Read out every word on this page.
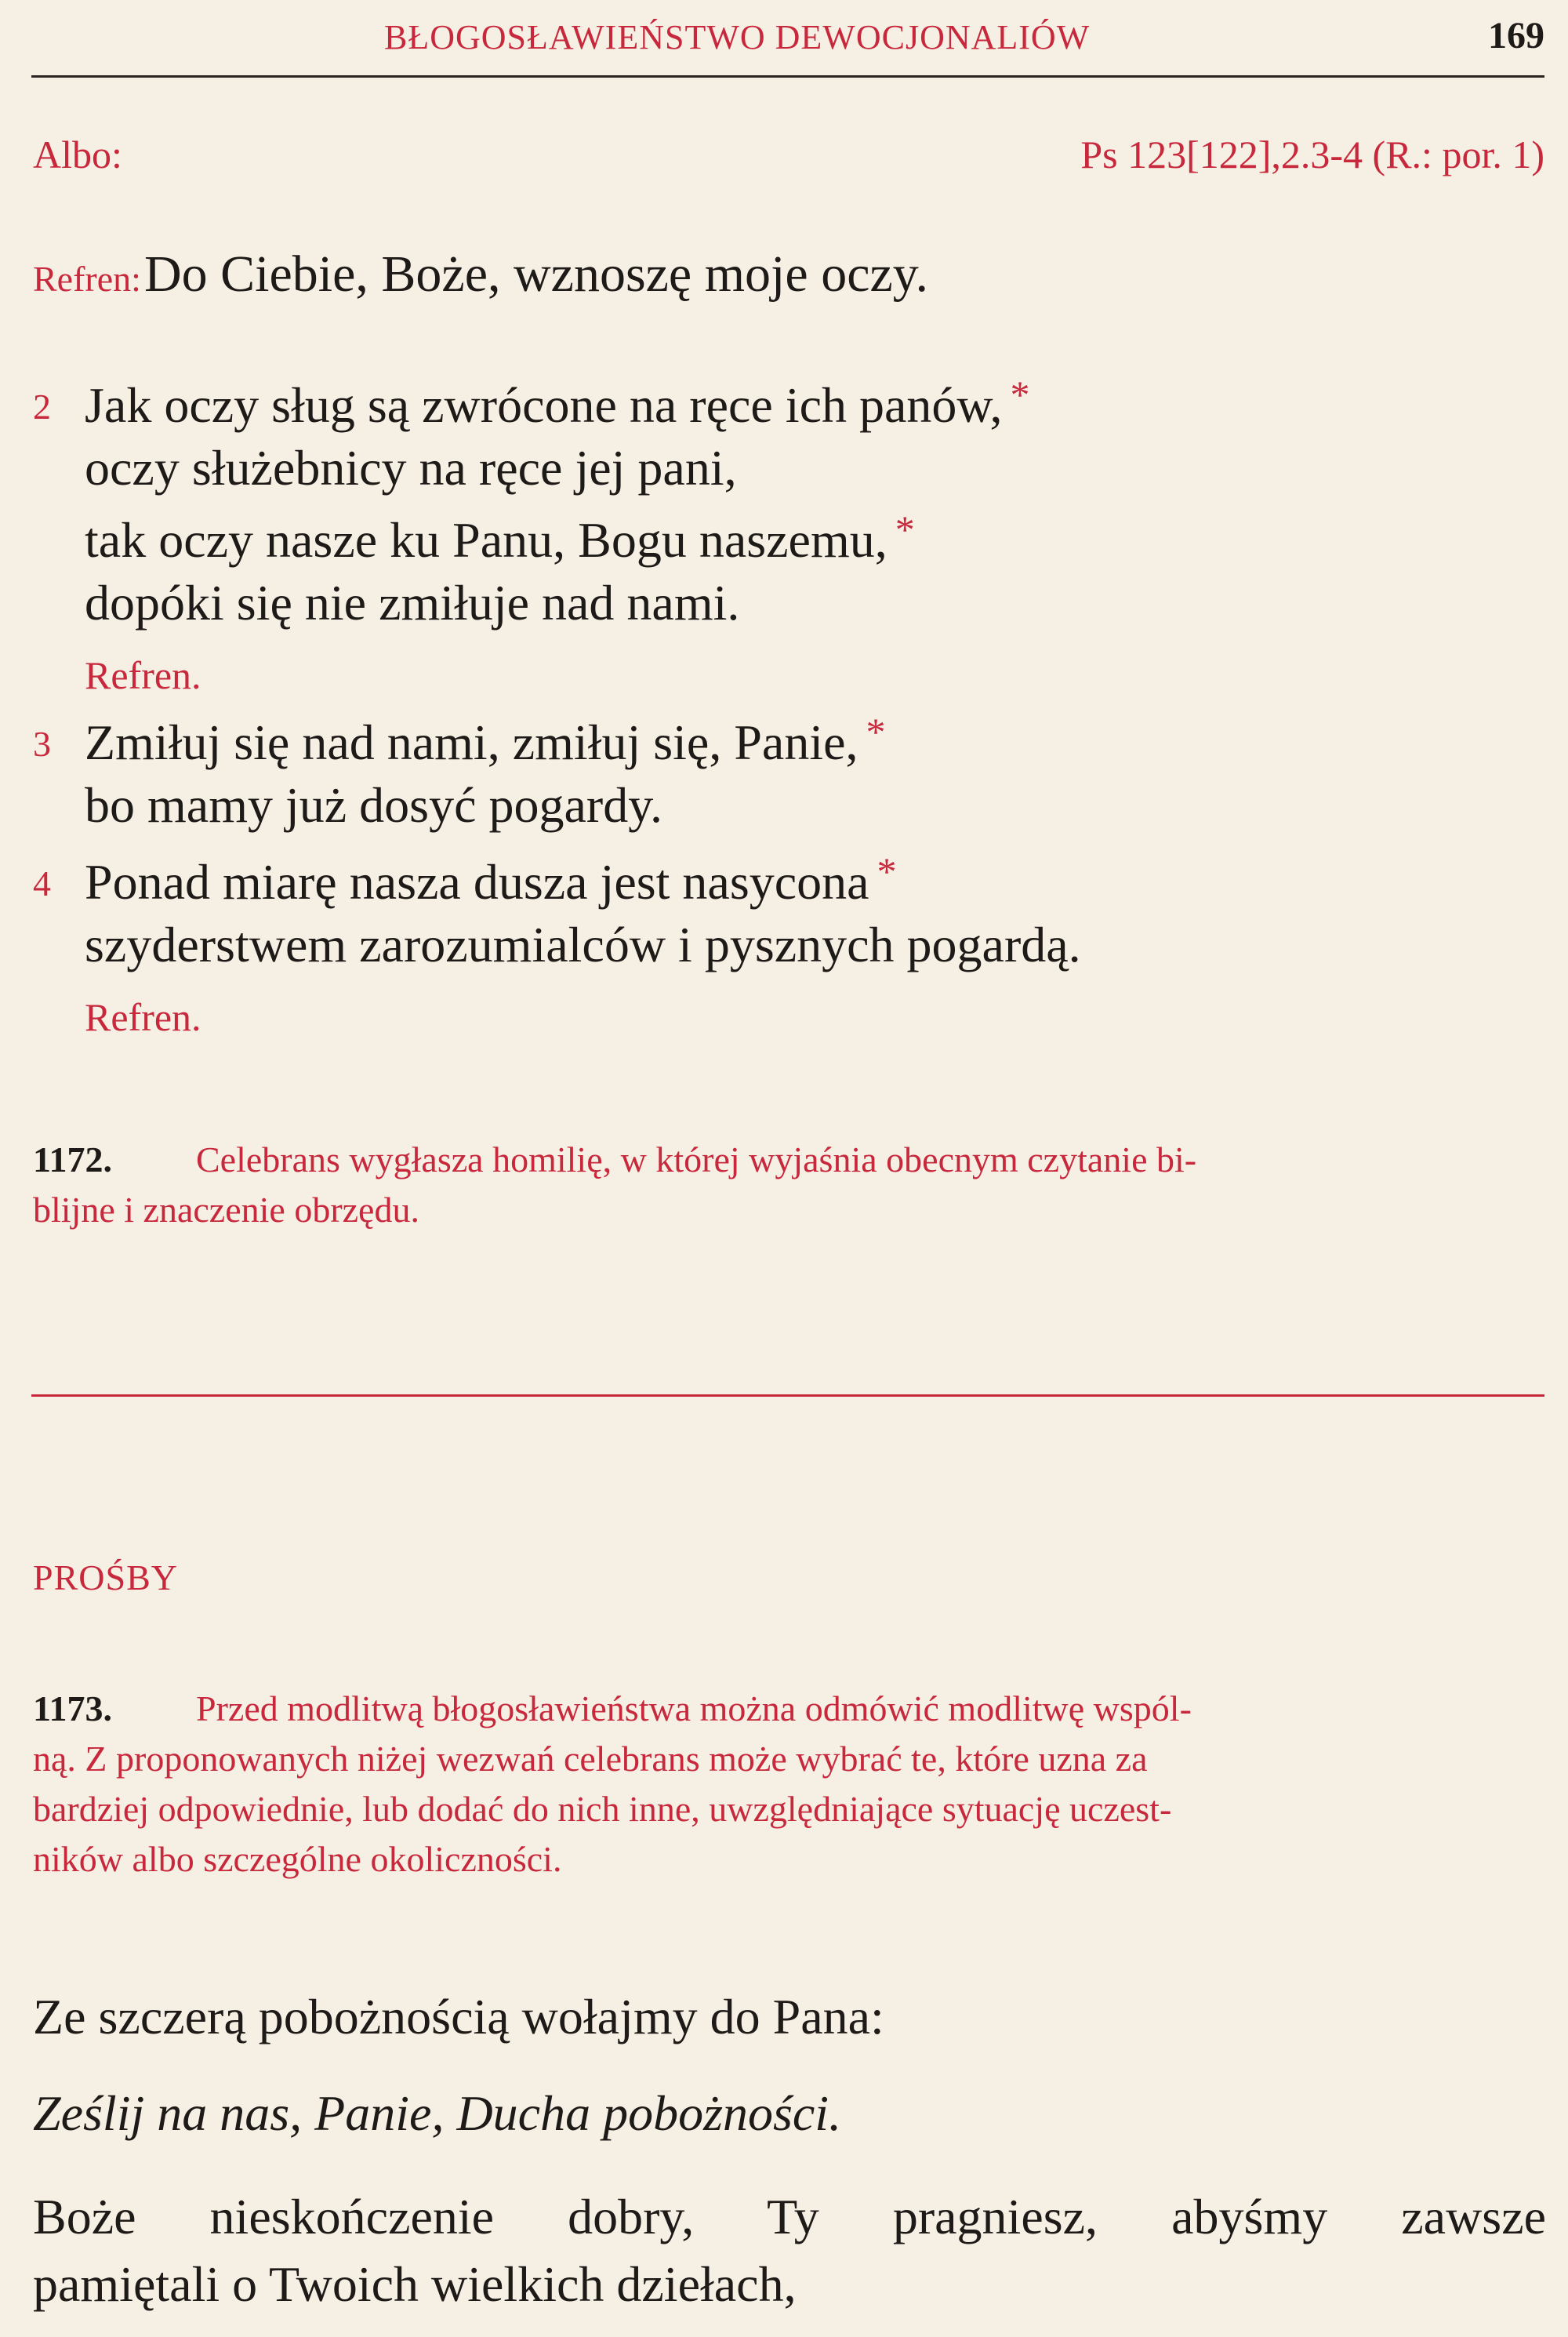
BŁOGOSŁAWIEŃSTWO DEWOCJONALIÓW	169
Albo:	Ps 123[122],2.3-4 (R.: por. 1)
Refren: Do Ciebie, Boże, wznoszę moje oczy.
2 Jak oczy sług są zwrócone na ręce ich panów, *
oczy służebnicy na ręce jej pani,
tak oczy nasze ku Panu, Bogu naszemu, *
dopóki się nie zmiłuje nad nami.
Refren.
3 Zmiłuj się nad nami, zmiłuj się, Panie, *
bo mamy już dosyć pogardy.
4 Ponad miarę nasza dusza jest nasycona *
szyderstwem zarozumialców i pysznych pogardą.
Refren.
1172. Celebrans wygłasza homilię, w której wyjaśnia obecnym czytanie bi-
blijne i znaczenie obrzędu.
PROŚBY
1173. Przed modlitwą błogosławieństwa można odmówić modlitwę wspól-
ną. Z proponowanych niżej wezwań celebrans może wybrać te, które uzna za
bardziej odpowiednie, lub dodać do nich inne, uwzględniające sytuację uczest-
ników albo szczególne okoliczności.
Ze szczerą pobożnością wołajmy do Pana:
Ześlij na nas, Panie, Ducha pobożności.
Boże nieskończenie dobry, Ty pragniesz, abyśmy zawsze
pamiętali o Twoich wielkich dziełach,
